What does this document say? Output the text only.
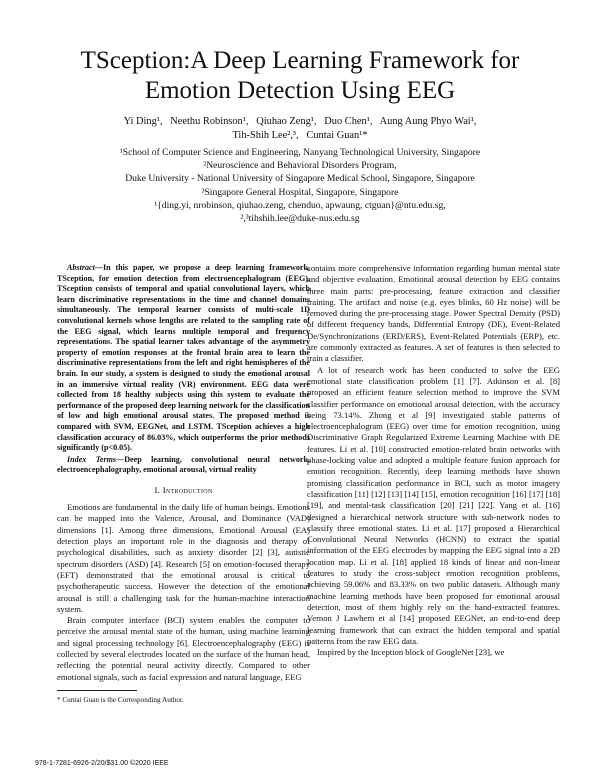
TSception:A Deep Learning Framework for
Emotion Detection Using EEG
Yi Ding¹,   Neethu Robinson¹,   Qiuhao Zeng¹,   Duo Chen¹,   Aung Aung Phyo Wai¹,
Tih-Shih Lee²,³,   Cuntai Guan¹*
¹School of Computer Science and Engineering, Nanyang Technological University, Singapore
²Neuroscience and Behavioral Disorders Program,
Duke University - National University of Singapore Medical School, Singapore, Singapore
³Singapore General Hospital, Singapore, Singapore
¹{ding.yi, nrobinson, qiuhao.zeng, chenduo, apwaung, ctguan}@ntu.edu.sg,
²,³tihshih.lee@duke-nus.edu.sg

Abstract—In this paper, we propose a deep learning framework, TSception, for emotion detection from electroencephalogram (EEG). TSception consists of temporal and spatial convolutional layers, which learn discriminative representations in the time and channel domains simultaneously. The temporal learner consists of multi-scale 1D convolutional kernels whose lengths are related to the sampling rate of the EEG signal, which learns multiple temporal and frequency representations. The spatial learner takes advantage of the asymmetry property of emotion responses at the frontal brain area to learn the discriminative representations from the left and right hemispheres of the brain. In our study, a system is designed to study the emotional arousal in an immersive virtual reality (VR) environment. EEG data were collected from 18 healthy subjects using this system to evaluate the performance of the proposed deep learning network for the classification of low and high emotional arousal states. The proposed method is compared with SVM, EEGNet, and LSTM. TSception achieves a high classification accuracy of 86.03%, which outperforms the prior methods significantly (p<0.05).

Index Terms—Deep learning, convolutional neural network, electroencephalography, emotional arousal, virtual reality

I. Introduction

Emotions are fundamental in the daily life of human beings. Emotions can be mapped into the Valence, Arousal, and Dominance (VAD) dimensions [1]. Among three dimensions, Emotional Arousal (EA) detection plays an important role in the diagnosis and therapy of psychological disabilities, such as anxiety disorder [2] [3], autistic spectrum disorders (ASD) [4]. Research [5] on emotion-focused therapy (EFT) demonstrated that the emotional arousal is critical to psychotherapeutic success. However the detection of the emotional arousal is still a challenging task for the human-machine interaction system.

Brain computer interface (BCI) system enables the computer to perceive the arousal mental state of the human, using machine learning and signal processing technology [6]. Electroencephalography (EEG) is collected by several electrodes located on the surface of the human head, reflecting the potential neural activity directly. Compared to other emotional signals, such as facial expression and natural language, EEG

contains more comprehensive information regarding human mental state and objective evaluation. Emotional arousal detection by EEG contains three main parts: pre-processing, feature extraction and classifier training. The artifact and noise (e.g. eyes blinks, 60 Hz noise) will be removed during the pre-processing stage. Power Spectral Density (PSD) of different frequency bands, Differential Entropy (DE), Event-Related De/Synchronizations (ERD/ERS), Event-Related Potentials (ERP), etc. are commonly extracted as features. A set of features is then selected to train a classifier.

A lot of research work has been conducted to solve the EEG emotional state classification problem [1] [7]. Atkinson et al. [8] proposed an efficient feature selection method to improve the SVM classifier performance on emotional arousal detection, with the accuracy being 73.14%. Zhong et al [9] investigated stable patterns of electroencephalogram (EEG) over time for emotion recognition, using Discriminative Graph Regularized Extreme Learning Machine with DE features. Li et al. [10] constructed emotion-related brain networks with phase-locking value and adopted a multiple feature fusion approach for emotion recognition. Recently, deep learning methods have shown promising classification performance in BCI, such as motor imagery classification [11] [12] [13] [14] [15], emotion recognition [16] [17] [18] [19], and mental-task classification [20] [21] [22]. Yang et al. [16] designed a hierarchical network structure with sub-network nodes to classify three emotional states. Li et al. [17] proposed a Hierarchical Convolutional Neural Networks (HCNN) to extract the spatial information of the EEG electrodes by mapping the EEG signal into a 2D location map. Li et al. [18] applied 18 kinds of linear and non-linear features to study the cross-subject emotion recognition problems, achieving 59.06% and 83.33% on two public datasets. Although many machine learning methods have been proposed for emotional arousal detection, most of them highly rely on the hand-extracted features. Vernon J Lawhern et al [14] proposed EEGNet, an end-to-end deep learning framework that can extract the hidden temporal and spatial patterns from the raw EEG data.

Inspired by the Inception block of GoogleNet [23], we

* Cuntai Guan is the Corresponding Author.
978-1-7281-6926-2/20/$31.00 ©2020 IEEE
